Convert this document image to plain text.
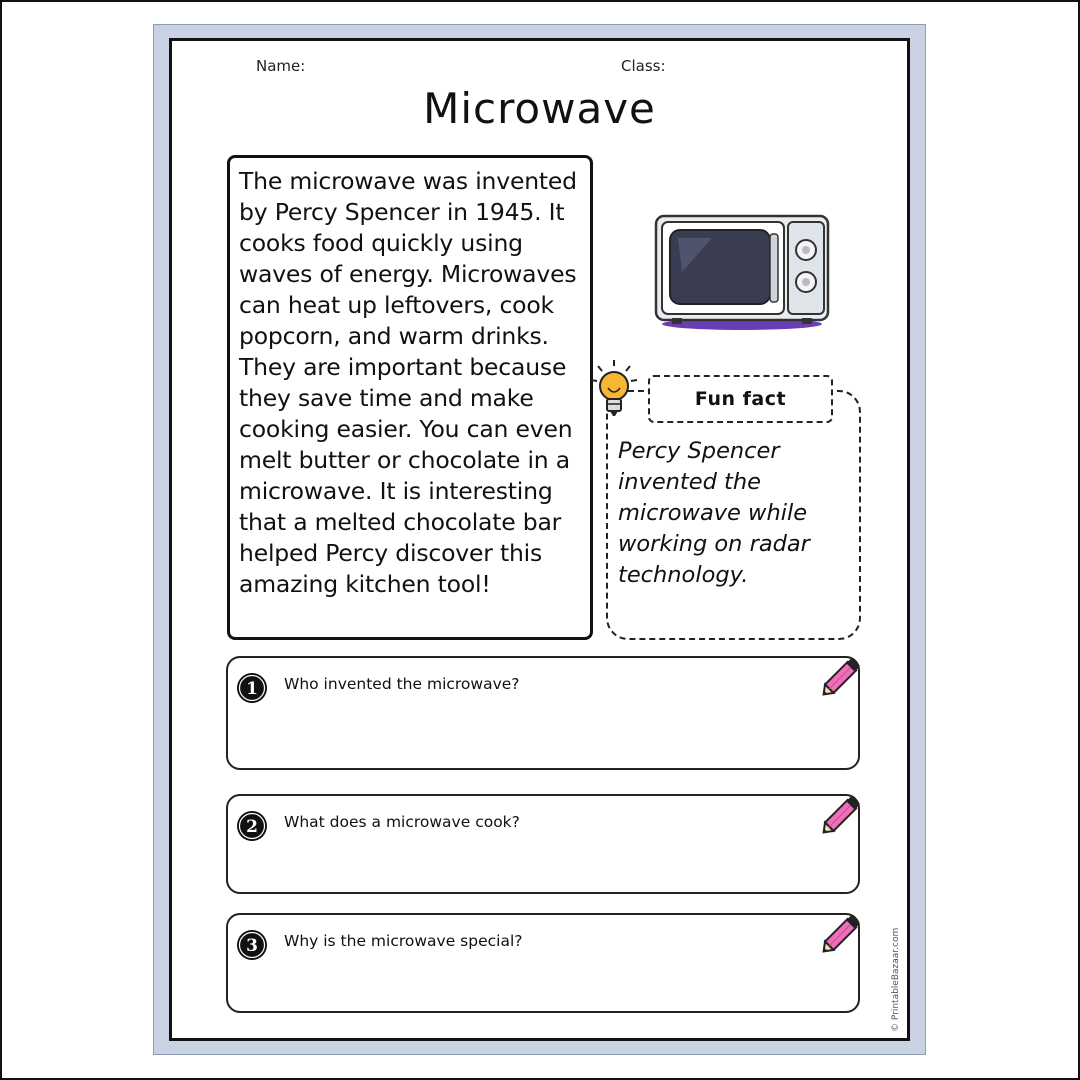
Name:	Class:
Microwave

The microwave was invented by Percy Spencer in 1945. It cooks food quickly using waves of energy. Microwaves can heat up leftovers, cook popcorn, and warm drinks. They are important because they save time and make cooking easier. You can even melt butter or chocolate in a microwave. It is interesting that a melted chocolate bar helped Percy discover this amazing kitchen tool!

Fun fact

Percy Spencer invented the microwave while working on radar technology.

1 Who invented the microwave?
2 What does a microwave cook?
3 Why is the microwave special?	© PrintableBazaar.com
